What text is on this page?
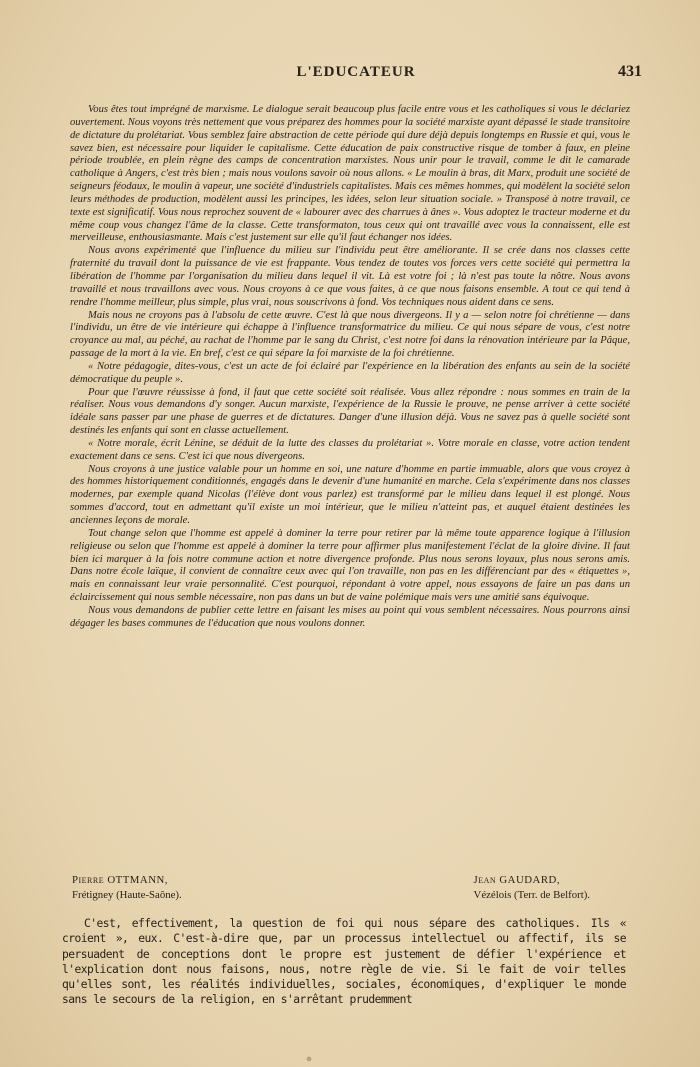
L'EDUCATEUR	431

Vous êtes tout imprégné de marxisme. Le dialogue serait beaucoup plus facile entre vous et les catholiques si vous le déclariez ouvertement. Nous voyons très nettement que vous préparez des hommes pour la société marxiste ayant dépassé le stade transitoire de dictature du prolétariat. Vous semblez faire abstraction de cette période qui dure déjà depuis longtemps en Russie et qui, vous le savez bien, est nécessaire pour liquider le capitalisme. Cette éducation de paix constructive risque de tomber à faux, en pleine période troublée, en plein règne des camps de concentration marxistes. Nous unir pour le travail, comme le dit le camarade catholique à Angers, c'est très bien ; mais nous voulons savoir où nous allons. « Le moulin à bras, dit Marx, produit une société de seigneurs féodaux, le moulin à vapeur, une société d'industriels capitalistes. Mais ces mêmes hommes, qui modèlent la société selon leurs méthodes de production, modèlent aussi les principes, les idées, selon leur situation sociale. » Transposé à notre travail, ce texte est significatif. Vous nous reprochez souvent de « labourer avec des charrues à ânes ». Vous adoptez le tracteur moderne et du même coup vous changez l'âme de la classe. Cette transformaton, tous ceux qui ont travaillé avec vous la connaissent, elle est merveilleuse, enthousiasmante. Mais c'est justement sur elle qu'il faut échanger nos idées.

Nous avons expérimenté que l'influence du milieu sur l'individu peut être améliorante. Il se crée dans nos classes cette fraternité du travail dont la puissance de vie est frappante. Vous tendez de toutes vos forces vers cette société qui permettra la libération de l'homme par l'organisation du milieu dans lequel il vit. Là est votre foi ; là n'est pas toute la nôtre. Nous avons travaillé et nous travaillons avec vous. Nous croyons à ce que vous faites, à ce que nous faisons ensemble. A tout ce qui tend à rendre l'homme meilleur, plus simple, plus vrai, nous souscrivons à fond. Vos techniques nous aident dans ce sens.

Mais nous ne croyons pas à l'absolu de cette œuvre. C'est là que nous divergeons. Il y a — selon notre foi chrétienne — dans l'individu, un être de vie intérieure qui échappe à l'influence transformatrice du milieu. Ce qui nous sépare de vous, c'est notre croyance au mal, au péché, au rachat de l'homme par le sang du Christ, c'est notre foi dans la rénovation intérieure par la Pâque, passage de la mort à la vie. En bref, c'est ce qui sépare la foi marxiste de la foi chrétienne.

« Notre pédagogie, dites-vous, c'est un acte de foi éclairé par l'expérience en la libération des enfants au sein de la société démocratique du peuple ».

Pour que l'œuvre réussisse à fond, il faut que cette société soit réalisée. Vous allez répondre : nous sommes en train de la réaliser. Nous vous demandons d'y songer. Aucun marxiste, l'expérience de la Russie le prouve, ne pense arriver à cette société idéale sans passer par une phase de guerres et de dictatures. Danger d'une illusion déjà. Vous ne savez pas à quelle société sont destinés les enfants qui sont en classe actuellement.

« Notre morale, écrit Lénine, se déduit de la lutte des classes du prolétariat ». Votre morale en classe, votre action tendent exactement dans ce sens. C'est ici que nous divergeons.

Nous croyons à une justice valable pour un homme en soi, une nature d'homme en partie immuable, alors que vous croyez à des hommes historiquement conditionnés, engagés dans le devenir d'une humanité en marche. Cela s'expérimente dans nos classes modernes, par exemple quand Nicolas (l'élève dont vous parlez) est transformé par le milieu dans lequel il est plongé. Nous sommes d'accord, tout en admettant qu'il existe un moi intérieur, que le milieu n'atteint pas, et auquel étaient destinées les anciennes leçons de morale.

Tout change selon que l'homme est appelé à dominer la terre pour retirer par là même toute apparence logique à l'illusion religieuse ou selon que l'homme est appelé à dominer la terre pour affirmer plus manifestement l'éclat de la gloire divine. Il faut bien ici marquer à la fois notre commune action et notre divergence profonde. Plus nous serons loyaux, plus nous serons amis. Dans notre école laïque, il convient de connaître ceux avec qui l'on travaille, non pas en les différenciant par des « étiquettes », mais en connaissant leur vraie personnalité. C'est pourquoi, répondant à votre appel, nous essayons de faire un pas dans un éclaircissement qui nous semble nécessaire, non pas dans un but de vaine polémique mais vers une amitié sans équivoque.

Nous vous demandons de publier cette lettre en faisant les mises au point qui vous semblent nécessaires. Nous pourrons ainsi dégager les bases communes de l'éducation que nous voulons donner.

Pierre OTTMANN,
Frétigney (Haute-Saône).
Jean GAUDARD,
Vézélois (Terr. de Belfort).

C'est, effectivement, la question de foi qui nous sépare des catholiques. Ils « croient », eux. C'est-à-dire que, par un processus intellectuel ou affectif, ils se persuadent de conceptions dont le propre est justement de défier l'expérience et l'explication dont nous faisons, nous, notre règle de vie. Si le fait de voir telles qu'elles sont, les réalités individuelles, sociales, économiques, d'expliquer le monde sans le secours de la religion, en s'arrêtant prudemment
